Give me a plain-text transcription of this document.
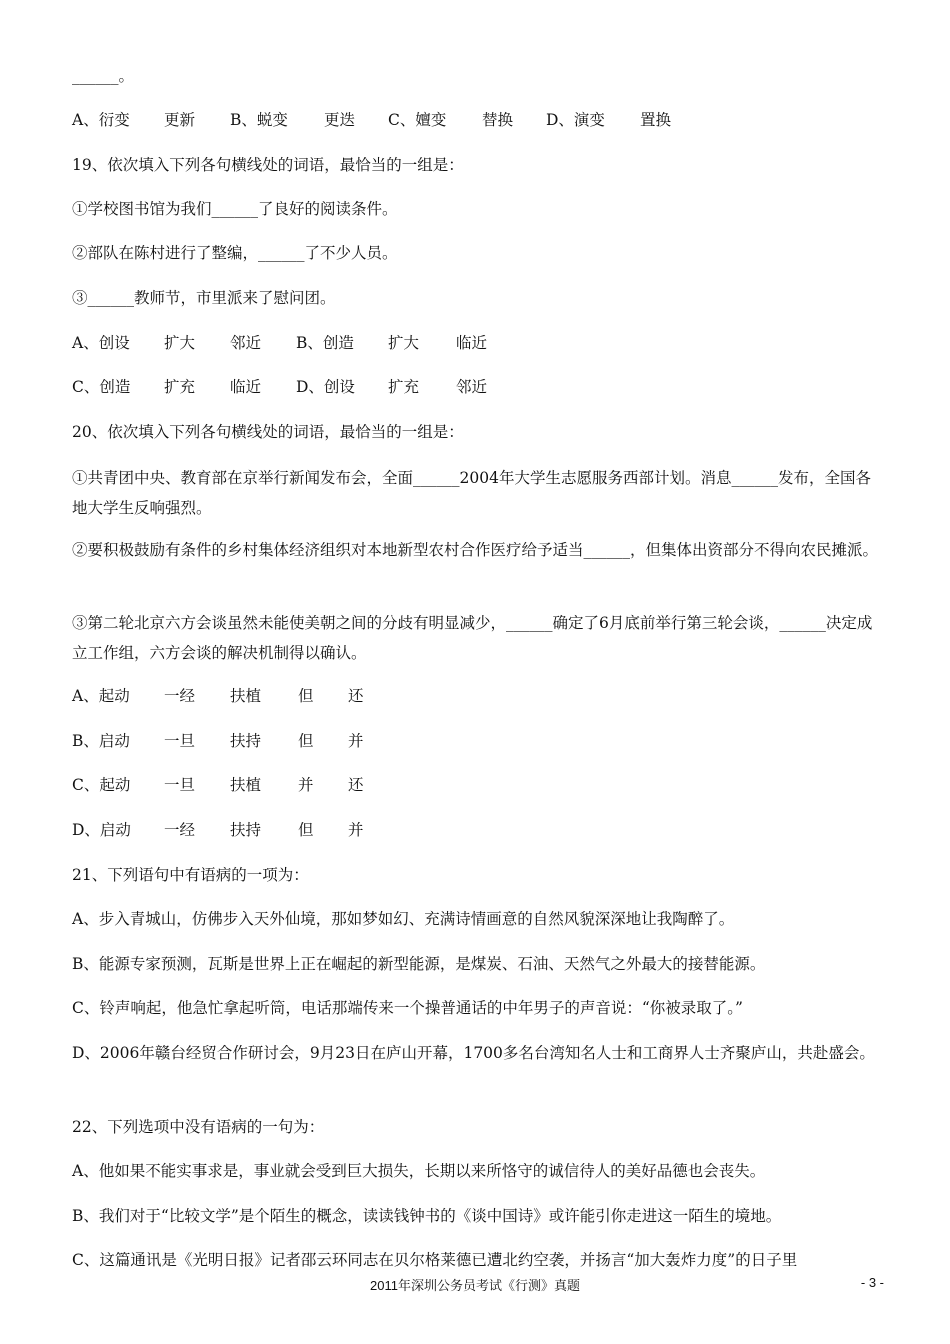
______。
A、衍变 更新 B、蜕变 更迭 C、嬗变 替换 D、演变 置换
19、依次填入下列各句横线处的词语，最恰当的一组是：
①学校图书馆为我们______了良好的阅读条件。
②部队在陈村进行了整编，______了不少人员。
③______教师节，市里派来了慰问团。
A、创设 扩大 邻近 B、创造 扩大 临近
C、创造 扩充 临近 D、创设 扩充 邻近
20、依次填入下列各句横线处的词语，最恰当的一组是：
①共青团中央、教育部在京举行新闻发布会，全面______2004年大学生志愿服务西部计划。消息______发布，全国各地大学生反响强烈。
②要积极鼓励有条件的乡村集体经济组织对本地新型农村合作医疗给予适当______，但集体出资部分不得向农民摊派。
③第二轮北京六方会谈虽然未能使美朝之间的分歧有明显减少，______确定了6月底前举行第三轮会谈，______决定成立工作组，六方会谈的解决机制得以确认。
A、起动 一经 扶植 但 还
B、启动 一旦 扶持 但 并
C、起动 一旦 扶植 并 还
D、启动 一经 扶持 但 并
21、下列语句中有语病的一项为：
A、步入青城山，仿佛步入天外仙境，那如梦如幻、充满诗情画意的自然风貌深深地让我陶醉了。
B、能源专家预测，瓦斯是世界上正在崛起的新型能源，是煤炭、石油、天然气之外最大的接替能源。
C、铃声响起，他急忙拿起听筒，电话那端传来一个操普通话的中年男子的声音说：“你被录取了。”
D、2006年赣台经贸合作研讨会，9月23日在庐山开幕，1700多名台湾知名人士和工商界人士齐聚庐山，共赴盛会。
22、下列选项中没有语病的一句为：
A、他如果不能实事求是，事业就会受到巨大损失，长期以来所恪守的诚信待人的美好品德也会丧失。
B、我们对于“比较文学”是个陌生的概念，读读钱钟书的《谈中国诗》或许能引你走进这一陌生的境地。
C、这篇通讯是《光明日报》记者邵云环同志在贝尔格莱德已遭北约空袭，并扬言“加大轰炸力度”的日子里
2011年深圳公务员考试《行测》真题	- 3 -
